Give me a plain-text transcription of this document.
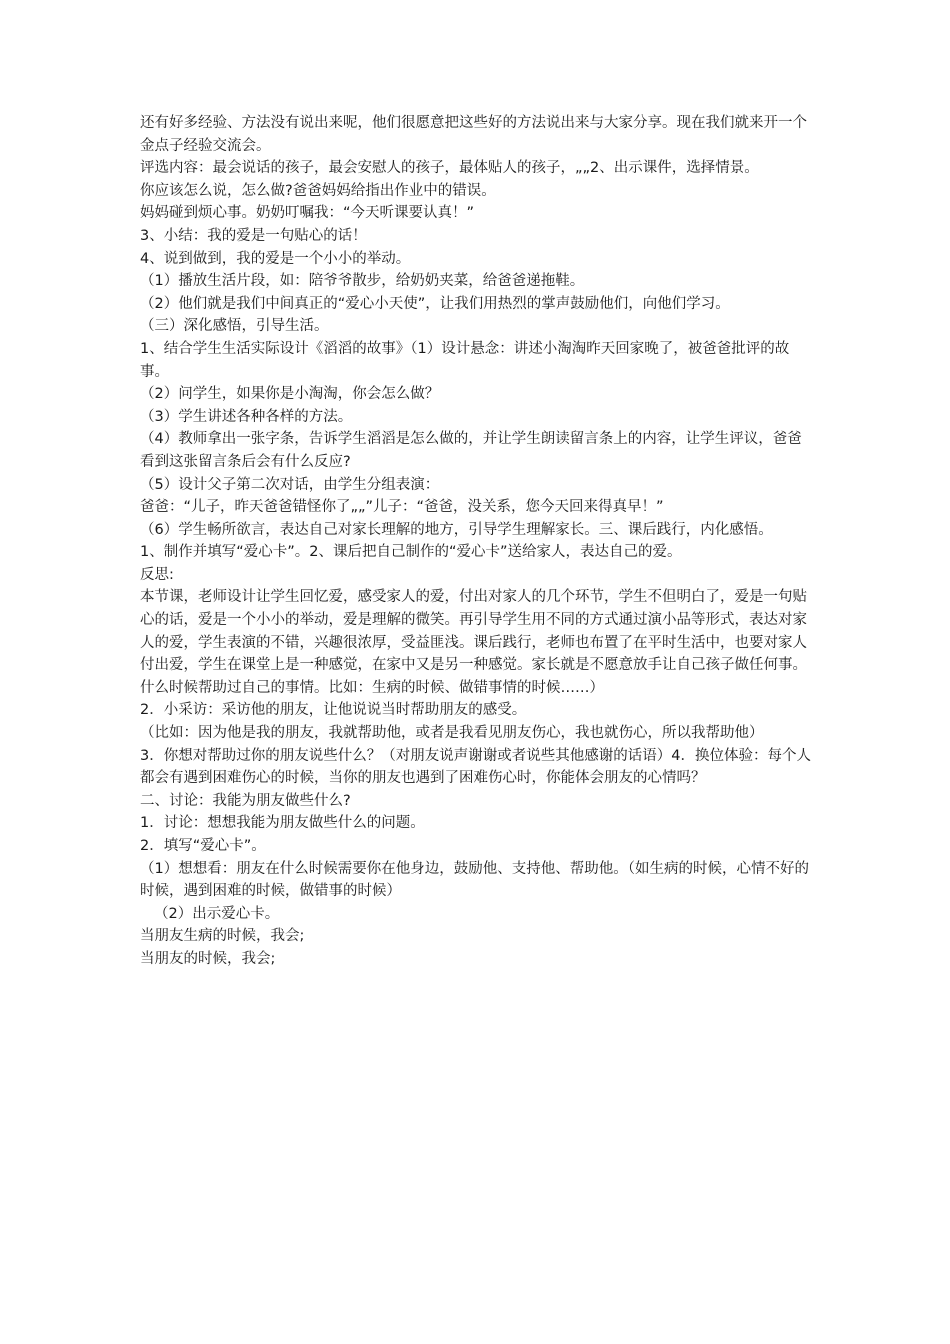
还有好多经验、方法没有说出来呢，他们很愿意把这些好的方法说出来与大家分享。现在我们就来开一个金点子经验交流会。

评选内容：最会说话的孩子，最会安慰人的孩子，最体贴人的孩子，„„2、出示课件，选择情景。

你应该怎么说，怎么做?爸爸妈妈给指出作业中的错误。

妈妈碰到烦心事。奶奶叮嘱我：“今天听课要认真！”

3、小结：我的爱是一句贴心的话！

4、说到做到，我的爱是一个小小的举动。

（1）播放生活片段，如：陪爷爷散步，给奶奶夹菜，给爸爸递拖鞋。

（2）他们就是我们中间真正的“爱心小天使”，让我们用热烈的掌声鼓励他们，向他们学习。

（三）深化感悟，引导生活。

1、结合学生生活实际设计《滔滔的故事》（1）设计悬念：讲述小淘淘昨天回家晚了，被爸爸批评的故事。

（2）问学生，如果你是小淘淘，你会怎么做？

（3）学生讲述各种各样的方法。

（4）教师拿出一张字条，告诉学生滔滔是怎么做的，并让学生朗读留言条上的内容，让学生评议，爸爸看到这张留言条后会有什么反应?

（5）设计父子第二次对话，由学生分组表演：

爸爸：“儿子，昨天爸爸错怪你了„„”儿子：“爸爸，没关系，您今天回来得真早！”

（6）学生畅所欲言，表达自己对家长理解的地方，引导学生理解家长。三、课后践行，内化感悟。

1、制作并填写“爱心卡”。2、课后把自己制作的“爱心卡”送给家人，表达自己的爱。

反思:

本节课，老师设计让学生回忆爱，感受家人的爱，付出对家人的几个环节，学生不但明白了，爱是一句贴心的话，爱是一个小小的举动，爱是理解的微笑。再引导学生用不同的方式通过演小品等形式，表达对家人的爱，学生表演的不错，兴趣很浓厚，受益匪浅。课后践行，老师也布置了在平时生活中，也要对家人付出爱，学生在课堂上是一种感觉，在家中又是另一种感觉。家长就是不愿意放手让自己孩子做任何事。

什么时候帮助过自己的事情。比如：生病的时候、做错事情的时候……）

2．小采访：采访他的朋友，让他说说当时帮助朋友的感受。

（比如：因为他是我的朋友，我就帮助他，或者是我看见朋友伤心，我也就伤心，所以我帮助他）

3．你想对帮助过你的朋友说些什么？（对朋友说声谢谢或者说些其他感谢的话语）4．换位体验：每个人都会有遇到困难伤心的时候，当你的朋友也遇到了困难伤心时，你能体会朋友的心情吗？

二、讨论：我能为朋友做些什么?

1．讨论：想想我能为朋友做些什么的问题。

2．填写“爱心卡”。

（1）想想看：朋友在什么时候需要你在他身边，鼓励他、支持他、帮助他。（如生病的时候，心情不好的时候，遇到困难的时候，做错事的时候）

（2）出示爱心卡。

当朋友生病的时候，我会;

当朋友的时候，我会;
